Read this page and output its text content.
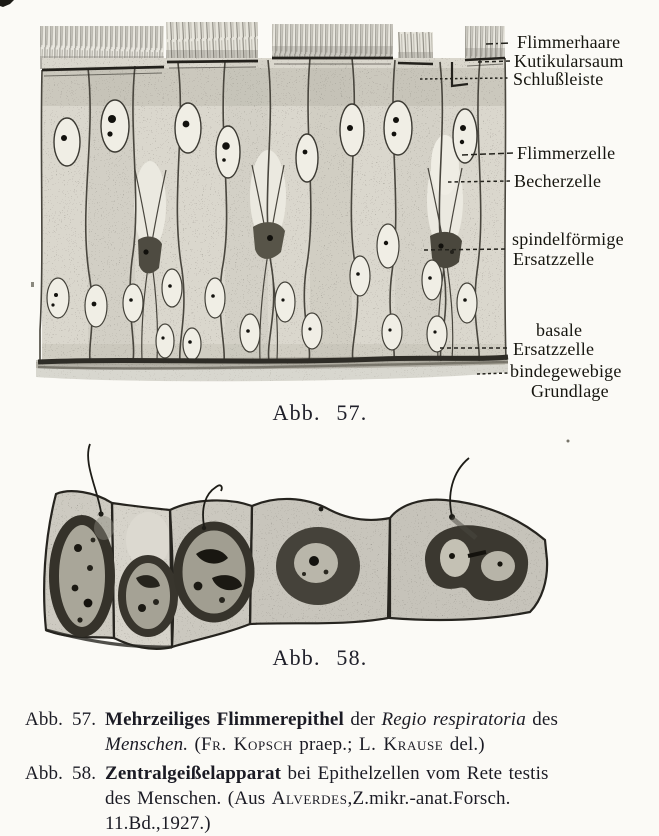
Flimmerhaare
Kutikularsaum
Schlußleiste
Flimmerzelle
Becherzelle
spindelförmige
Ersatzzelle
basale
Ersatzzelle
bindegewebige
Grundlage
Abb. 57.
Abb. 58.
Abb. 57. Mehrzeiliges Flimmerepithel der Regio respiratoria des
Menschen. (Fr. Kopsch praep.; L. Krause del.)
Abb. 58. Zentralgeißelapparat bei Epithelzellen vom Rete testis
des Menschen. (Aus Alverdes,Z.mikr.-anat.Forsch.
11.Bd.,1927.)
